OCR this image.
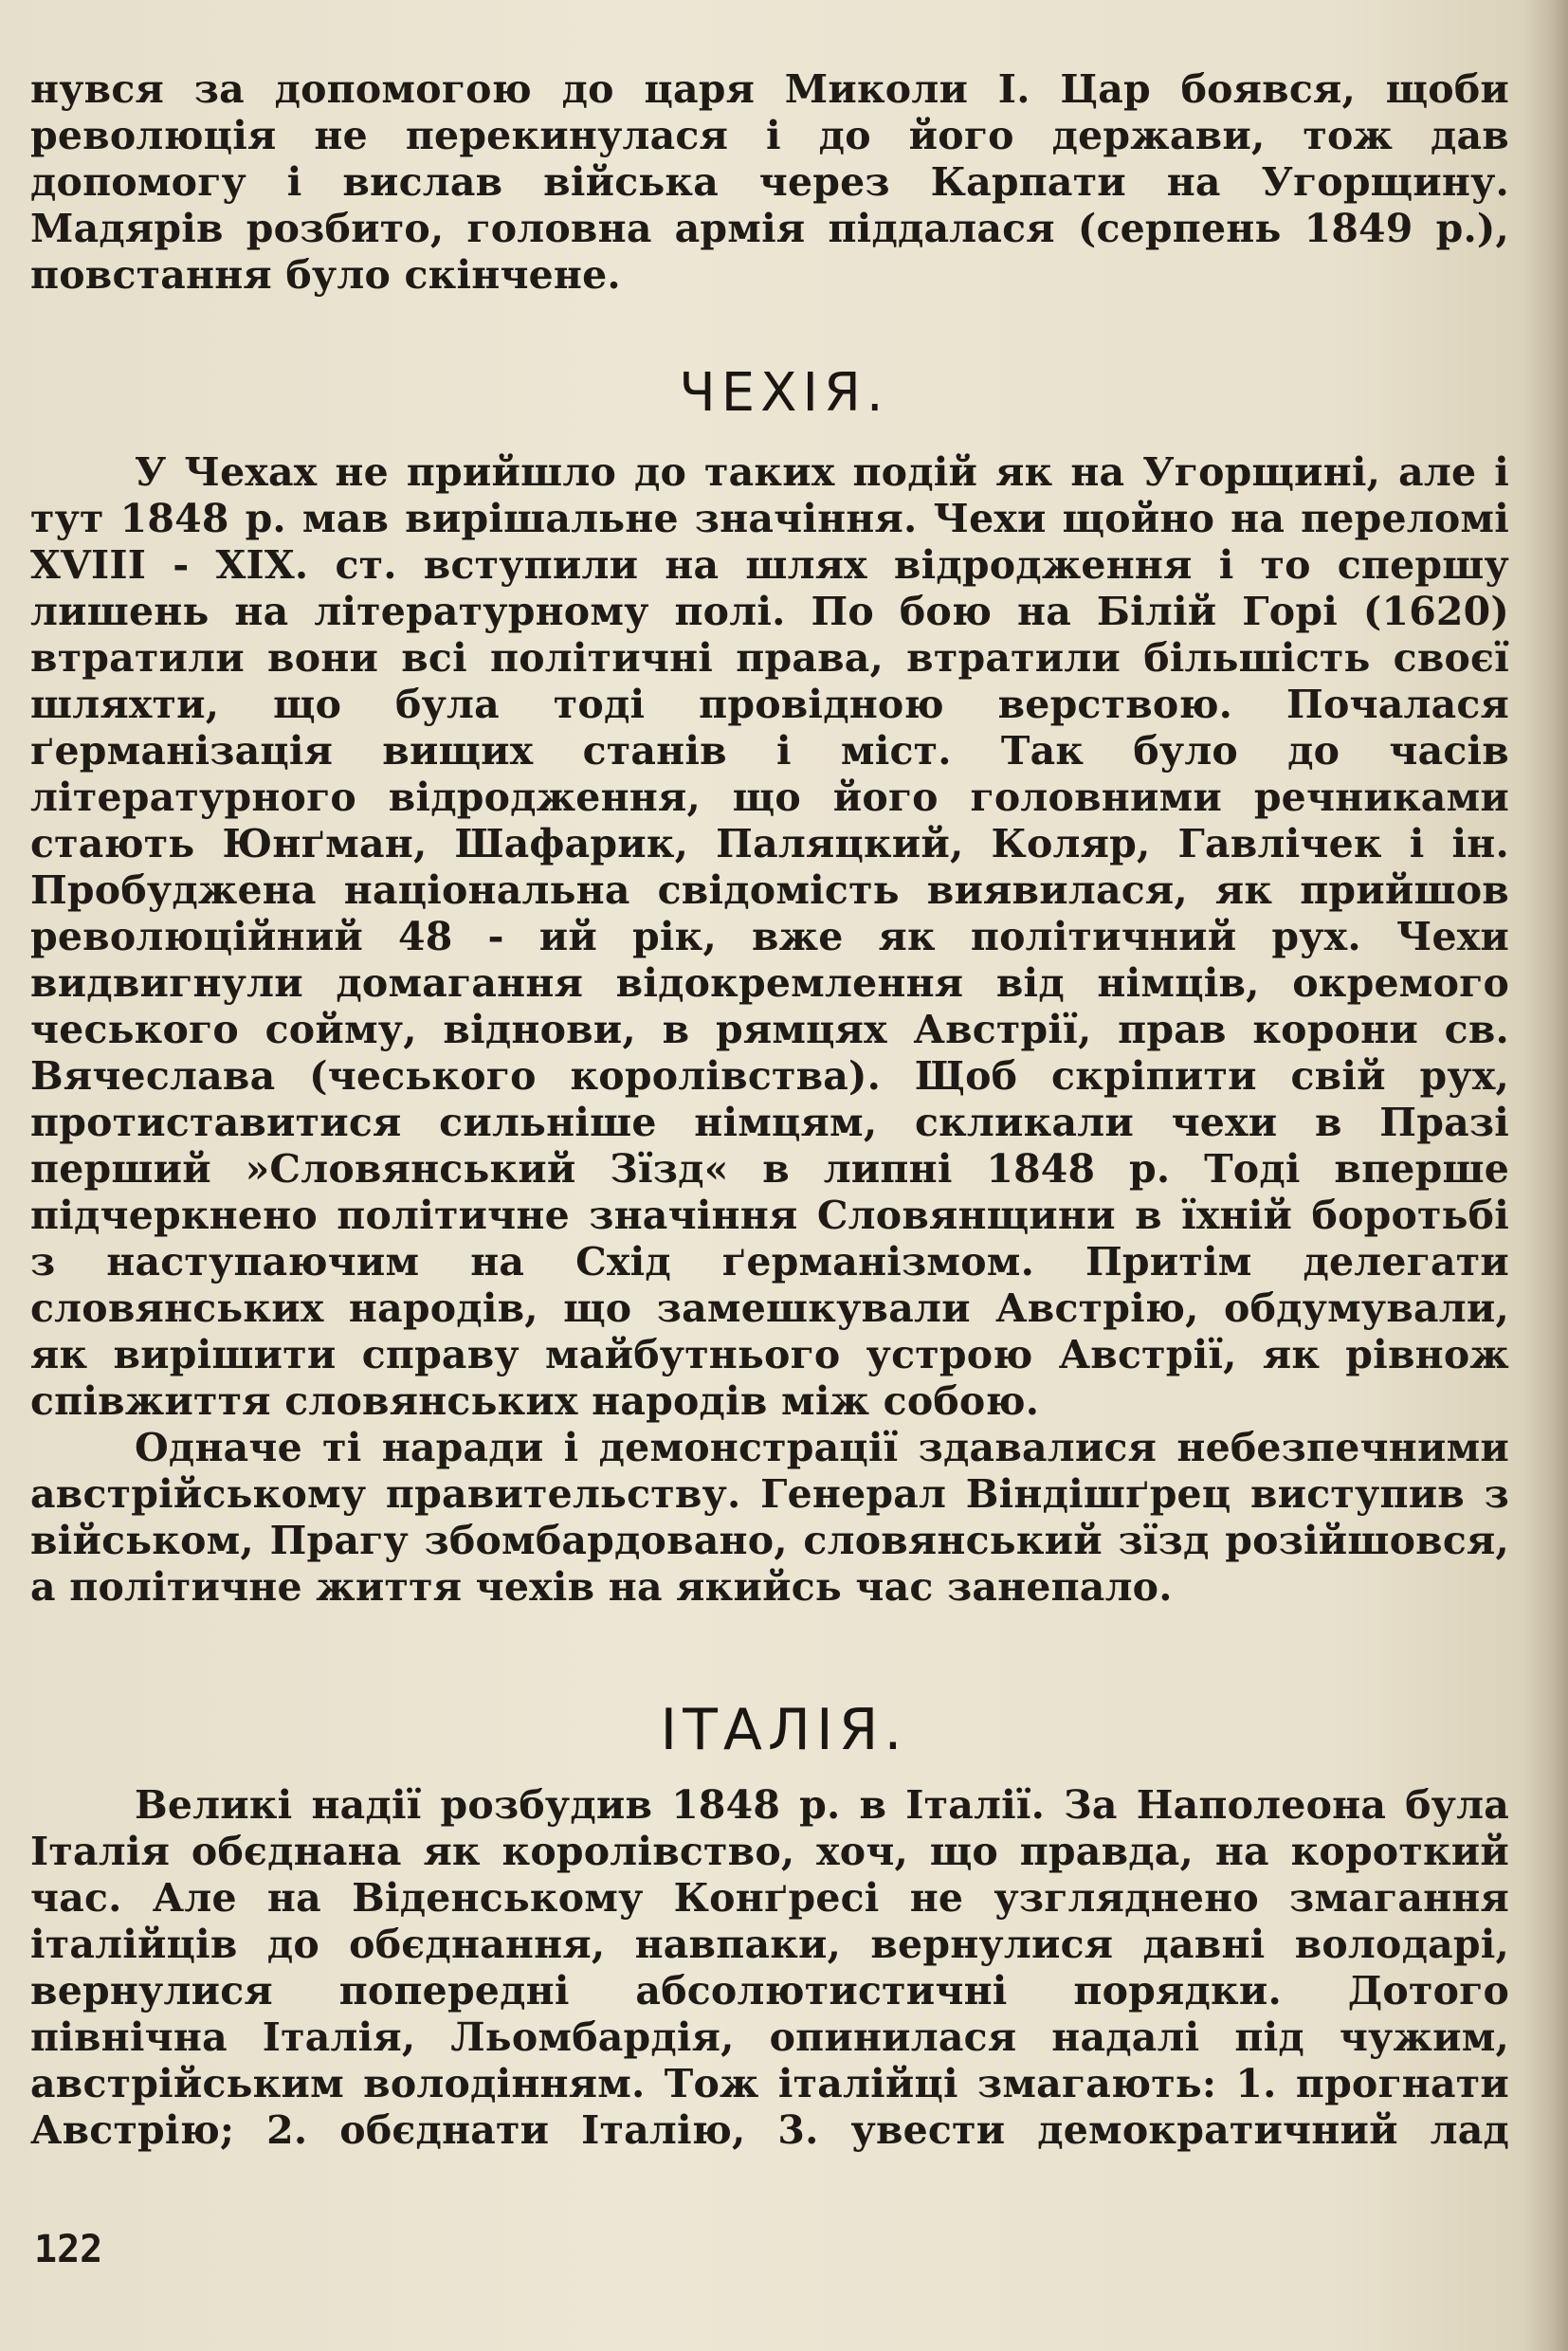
нувся за допомогою до царя Миколи I. Цар боявся, щоби революція не перекинулася і до його держави, тож дав допомогу і вислав війська через Карпати на Угорщину. Мадярів розбито, головна армія піддалася (серпень 1849 р.), повстання було скінчене.

ЧЕХІЯ.

У Чехах не прийшло до таких подій як на Угорщині, але і тут 1848 р. мав вирішальне значіння. Чехи щойно на переломі XVIII - XIX. ст. вступили на шлях відродження і то спершу лишень на літературному полі. По бою на Білій Горі (1620) втратили вони всі політичні права, втратили більшість своєї шляхти, що була тоді провідною верствою. Почалася ґерманізація вищих станів і міст. Так було до часів літературного відродження, що його головними речниками стають Юнґман, Шафарик, Паляцкий, Коляр, Гавлічек і ін. Пробуджена національна свідомість виявилася, як прийшов революційний 48 - ий рік, вже як політичний рух. Чехи видвигнули домагання відокремлення від німців, окремого чеського сойму, віднови, в рямцях Австрії, прав корони св. Вячеслава (чеського королівства). Щоб скріпити свій рух, протиставитися сильніше німцям, скликали чехи в Празі перший »Словянський Зїзд« в липні 1848 р. Тоді вперше підчеркнено політичне значіння Словянщини в їхній боротьбі з наступаючим на Схід ґерманізмом. Притім делегати словянських народів, що замешкували Австрію, обдумували, як вирішити справу майбутнього устрою Австрії, як рівнож співжиття словянських народів між собою.

Одначе ті наради і демонстрації здавалися небезпечними австрійському правительству. Генерал Віндішґрец виступив з військом, Прагу збомбардовано, словянський зїзд розійшовся, а політичне життя чехів на якийсь час занепало.

ІТАЛІЯ.

Великі надії розбудив 1848 р. в Італії. За Наполеона була Італія обєднана як королівство, хоч, що правда, на короткий час. Але на Віденському Конґресі не узгляднено змагання італійців до обєднання, навпаки, вернулися давні володарі, вернулися попередні абсолютистичні порядки. Дотого північна Італія, Льомбардія, опинилася надалі під чужим, австрійським володінням. Тож італійці змагають: 1. прогнати Австрію; 2. обєднати Італію, 3. увести демократичний лад

122
